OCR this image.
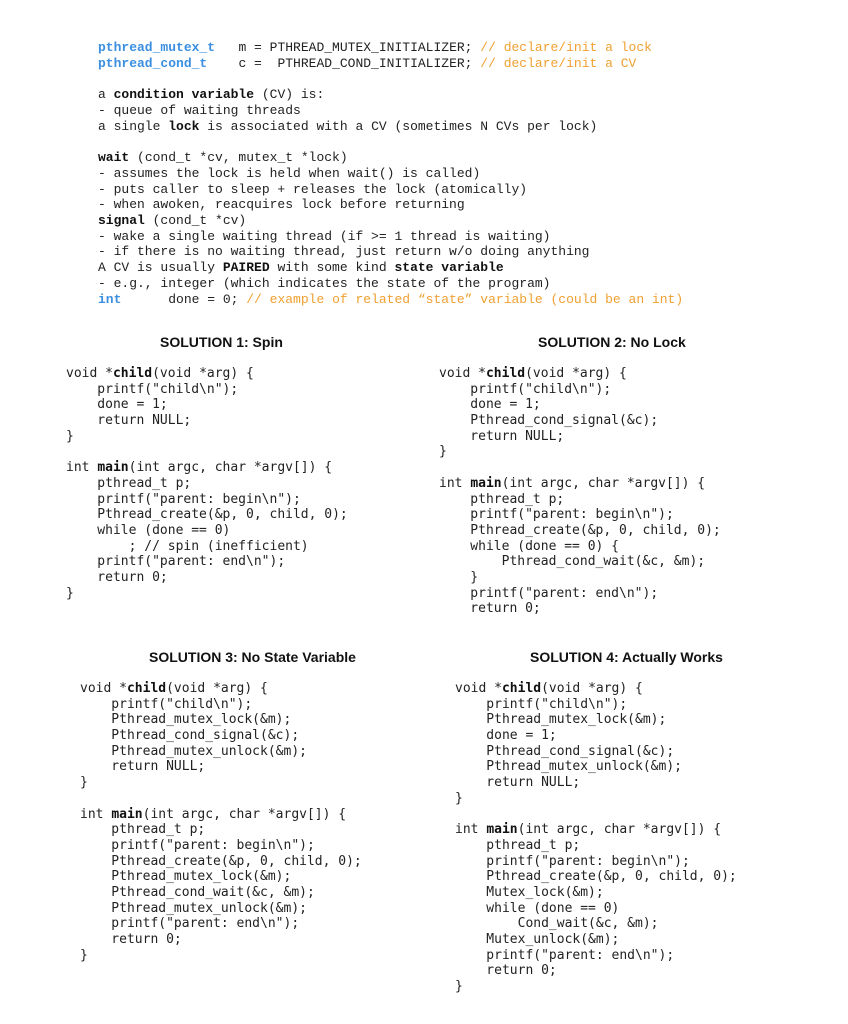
pthread_mutex_t m = PTHREAD_MUTEX_INITIALIZER; // declare/init a lock
pthread_cond_t c =  PTHREAD_COND_INITIALIZER; // declare/init a CV
a condition variable (CV) is:
- queue of waiting threads
a single lock is associated with a CV (sometimes N CVs per lock)
wait (cond_t *cv, mutex_t *lock)
- assumes the lock is held when wait() is called)
- puts caller to sleep + releases the lock (atomically)
- when awoken, reacquires lock before returning
signal (cond_t *cv)
- wake a single waiting thread (if >= 1 thread is waiting)
- if there is no waiting thread, just return w/o doing anything
A CV is usually PAIRED with some kind state variable
- e.g., integer (which indicates the state of the program)
int	done = 0; // example of related “state” variable (could be an int)
SOLUTION 1: Spin	SOLUTION 2: No Lock
SOLUTION 3: No State Variable	SOLUTION 4: Actually Works
void *child(void *arg) {
printf("child\n");
done = 1;
return NULL;
}
int main(int argc, char *argv[]) {
pthread_t p;
printf("parent: begin\n");
Pthread_create(&p, 0, child, 0);
while (done == 0)
; // spin (inefficient)
printf("parent: end\n");
return 0;
}
void *child(void *arg) {
printf("child\n");
done = 1;
Pthread_cond_signal(&c);
return NULL;
}
int main(int argc, char *argv[]) {
pthread_t p;
printf("parent: begin\n");
Pthread_create(&p, 0, child, 0);
while (done == 0) {
Pthread_cond_wait(&c, &m);
}
printf("parent: end\n");
return 0;
void *child(void *arg) {
printf("child\n");
Pthread_mutex_lock(&m);
Pthread_cond_signal(&c);
Pthread_mutex_unlock(&m);
return NULL;
}
int main(int argc, char *argv[]) {
pthread_t p;
printf("parent: begin\n");
Pthread_create(&p, 0, child, 0);
Pthread_mutex_lock(&m);
Pthread_cond_wait(&c, &m);
Pthread_mutex_unlock(&m);
printf("parent: end\n");
return 0;
}
void *child(void *arg) {
printf("child\n");
Pthread_mutex_lock(&m);
done = 1;
Pthread_cond_signal(&c);
Pthread_mutex_unlock(&m);
return NULL;
}
int main(int argc, char *argv[]) {
pthread_t p;
printf("parent: begin\n");
Pthread_create(&p, 0, child, 0);
Mutex_lock(&m);
while (done == 0)
Cond_wait(&c, &m);
Mutex_unlock(&m);
printf("parent: end\n");
return 0;
}
